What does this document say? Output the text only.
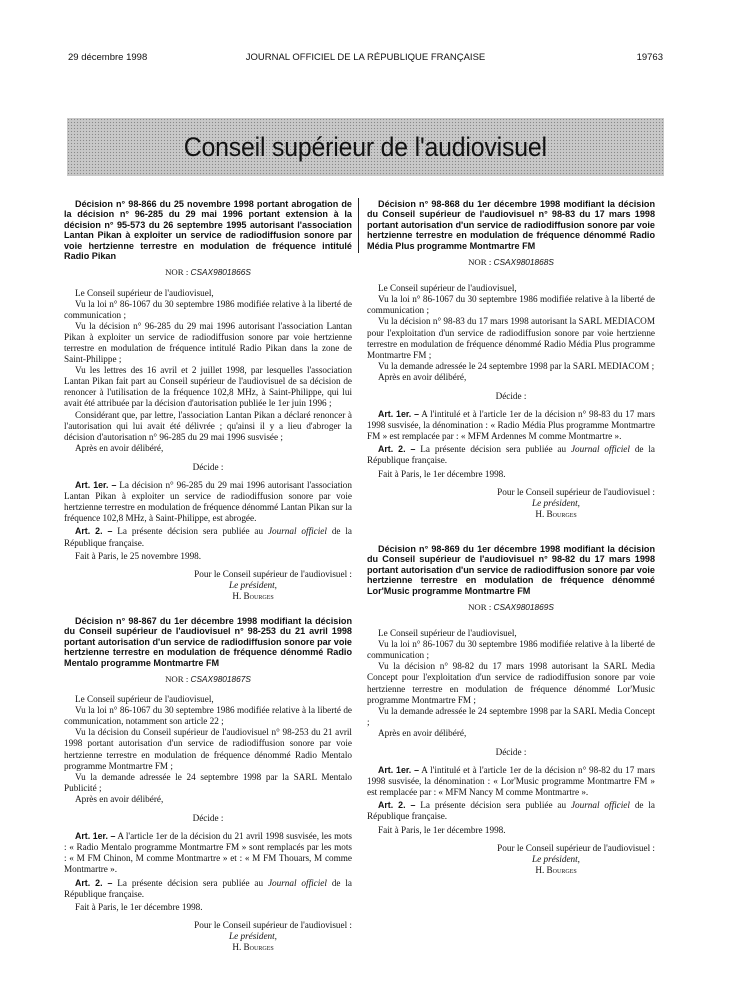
29 décembre 1998	JOURNAL OFFICIEL DE LA RÉPUBLIQUE FRANÇAISE	19763
Conseil supérieur de l'audiovisuel

Décision n° 98-866 du 25 novembre 1998 portant abrogation de la décision n° 96-285 du 29 mai 1996 portant extension à la décision n° 95-573 du 26 septembre 1995 autorisant l'association Lantan Pikan à exploiter un service de radiodiffusion sonore par voie hertzienne terrestre en modulation de fréquence intitulé Radio Pikan

NOR : CSAX9801866S

Le Conseil supérieur de l'audiovisuel,

Vu la loi n° 86-1067 du 30 septembre 1986 modifiée relative à la liberté de communication ;

Vu la décision n° 96-285 du 29 mai 1996 autorisant l'association Lantan Pikan à exploiter un service de radiodiffusion sonore par voie hertzienne terrestre en modulation de fréquence intitulé Radio Pikan dans la zone de Saint-Philippe ;

Vu les lettres des 16 avril et 2 juillet 1998, par lesquelles l'association Lantan Pikan fait part au Conseil supérieur de l'audiovisuel de sa décision de renoncer à l'utilisation de la fréquence 102,8 MHz, à Saint-Philippe, qui lui avait été attribuée par la décision d'autorisation publiée le 1er juin 1996 ;

Considérant que, par lettre, l'association Lantan Pikan a déclaré renoncer à l'autorisation qui lui avait été délivrée ; qu'ainsi il y a lieu d'abroger la décision d'autorisation n° 96-285 du 29 mai 1996 susvisée ;

Après en avoir délibéré,

Décide :

Art. 1er. – La décision n° 96-285 du 29 mai 1996 autorisant l'association Lantan Pikan à exploiter un service de radiodiffusion sonore par voie hertzienne terrestre en modulation de fréquence dénommé Lantan Pikan sur la fréquence 102,8 MHz, à Saint-Philippe, est abrogée.

Art. 2. – La présente décision sera publiée au Journal officiel de la République française.

Fait à Paris, le 25 novembre 1998.

Pour le Conseil supérieur de l'audiovisuel :

Le président,

H. Bourges

Décision n° 98-867 du 1er décembre 1998 modifiant la décision du Conseil supérieur de l'audiovisuel n° 98-253 du 21 avril 1998 portant autorisation d'un service de radiodiffusion sonore par voie hertzienne terrestre en modulation de fréquence dénommé Radio Mentalo programme Montmartre FM

NOR : CSAX9801867S

Le Conseil supérieur de l'audiovisuel,

Vu la loi n° 86-1067 du 30 septembre 1986 modifiée relative à la liberté de communication, notamment son article 22 ;

Vu la décision du Conseil supérieur de l'audiovisuel n° 98-253 du 21 avril 1998 portant autorisation d'un service de radiodiffusion sonore par voie hertzienne terrestre en modulation de fréquence dénommé Radio Mentalo programme Montmartre FM ;

Vu la demande adressée le 24 septembre 1998 par la SARL Mentalo Publicité ;

Après en avoir délibéré,

Décide :

Art. 1er. – A l'article 1er de la décision du 21 avril 1998 susvisée, les mots : « Radio Mentalo programme Montmartre FM » sont remplacés par les mots : « M FM Chinon, M comme Montmartre » et : « M FM Thouars, M comme Montmartre ».

Art. 2. – La présente décision sera publiée au Journal officiel de la République française.

Fait à Paris, le 1er décembre 1998.

Pour le Conseil supérieur de l'audiovisuel :

Le président,

H. Bourges

Décision n° 98-868 du 1er décembre 1998 modifiant la décision du Conseil supérieur de l'audiovisuel n° 98-83 du 17 mars 1998 portant autorisation d'un service de radiodiffusion sonore par voie hertzienne terrestre en modulation de fréquence dénommé Radio Média Plus programme Montmartre FM

NOR : CSAX9801868S

Le Conseil supérieur de l'audiovisuel,

Vu la loi n° 86-1067 du 30 septembre 1986 modifiée relative à la liberté de communication ;

Vu la décision n° 98-83 du 17 mars 1998 autorisant la SARL MEDIACOM pour l'exploitation d'un service de radiodiffusion sonore par voie hertzienne terrestre en modulation de fréquence dénommé Radio Média Plus programme Montmartre FM ;

Vu la demande adressée le 24 septembre 1998 par la SARL MEDIACOM ;

Après en avoir délibéré,

Décide :

Art. 1er. – A l'intitulé et à l'article 1er de la décision n° 98-83 du 17 mars 1998 susvisée, la dénomination : « Radio Média Plus programme Montmartre FM » est remplacée par : « MFM Ardennes M comme Montmartre ».

Art. 2. – La présente décision sera publiée au Journal officiel de la République française.

Fait à Paris, le 1er décembre 1998.

Pour le Conseil supérieur de l'audiovisuel :

Le président,

H. Bourges

Décision n° 98-869 du 1er décembre 1998 modifiant la décision du Conseil supérieur de l'audiovisuel n° 98-82 du 17 mars 1998 portant autorisation d'un service de radiodiffusion sonore par voie hertzienne terrestre en modulation de fréquence dénommé Lor'Music programme Montmartre FM

NOR : CSAX9801869S

Le Conseil supérieur de l'audiovisuel,

Vu la loi n° 86-1067 du 30 septembre 1986 modifiée relative à la liberté de communication ;

Vu la décision n° 98-82 du 17 mars 1998 autorisant la SARL Media Concept pour l'exploitation d'un service de radiodiffusion sonore par voie hertzienne terrestre en modulation de fréquence dénommé Lor'Music programme Montmartre FM ;

Vu la demande adressée le 24 septembre 1998 par la SARL Media Concept ;

Après en avoir délibéré,

Décide :

Art. 1er. – A l'intitulé et à l'article 1er de la décision n° 98-82 du 17 mars 1998 susvisée, la dénomination : « Lor'Music programme Montmartre FM » est remplacée par : « MFM Nancy M comme Montmartre ».

Art. 2. – La présente décision sera publiée au Journal officiel de la République française.

Fait à Paris, le 1er décembre 1998.

Pour le Conseil supérieur de l'audiovisuel :

Le président,

H. Bourges
